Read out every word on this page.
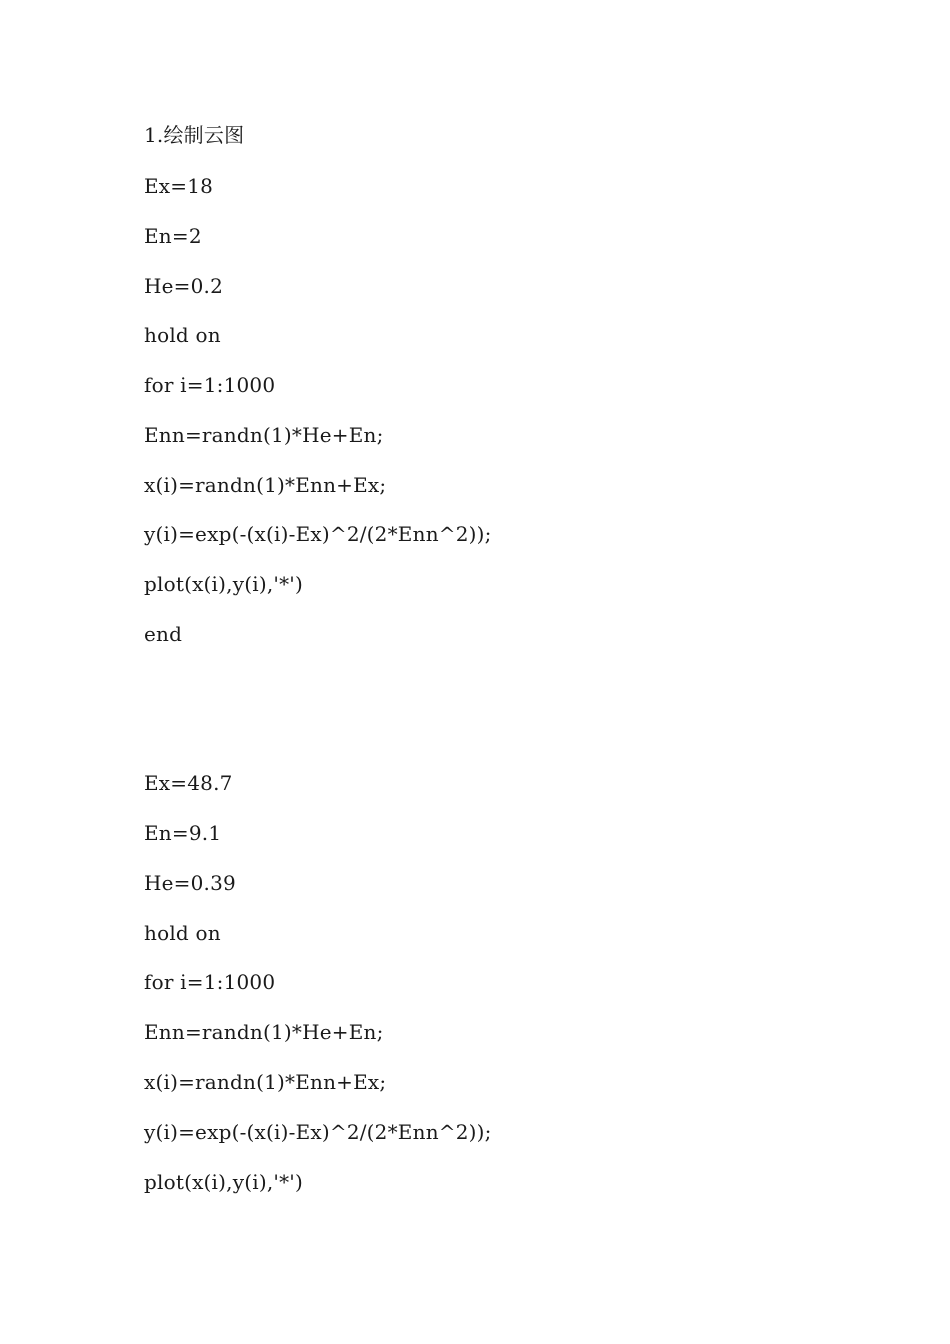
1.绘制云图
Ex=18
En=2
He=0.2
hold on
for i=1:1000
Enn=randn(1)*He+En;
x(i)=randn(1)*Enn+Ex;
y(i)=exp(-(x(i)-Ex)^2/(2*Enn^2));
plot(x(i),y(i),'*')
end
Ex=48.7
En=9.1
He=0.39
hold on
for i=1:1000
Enn=randn(1)*He+En;
x(i)=randn(1)*Enn+Ex;
y(i)=exp(-(x(i)-Ex)^2/(2*Enn^2));
plot(x(i),y(i),'*')
